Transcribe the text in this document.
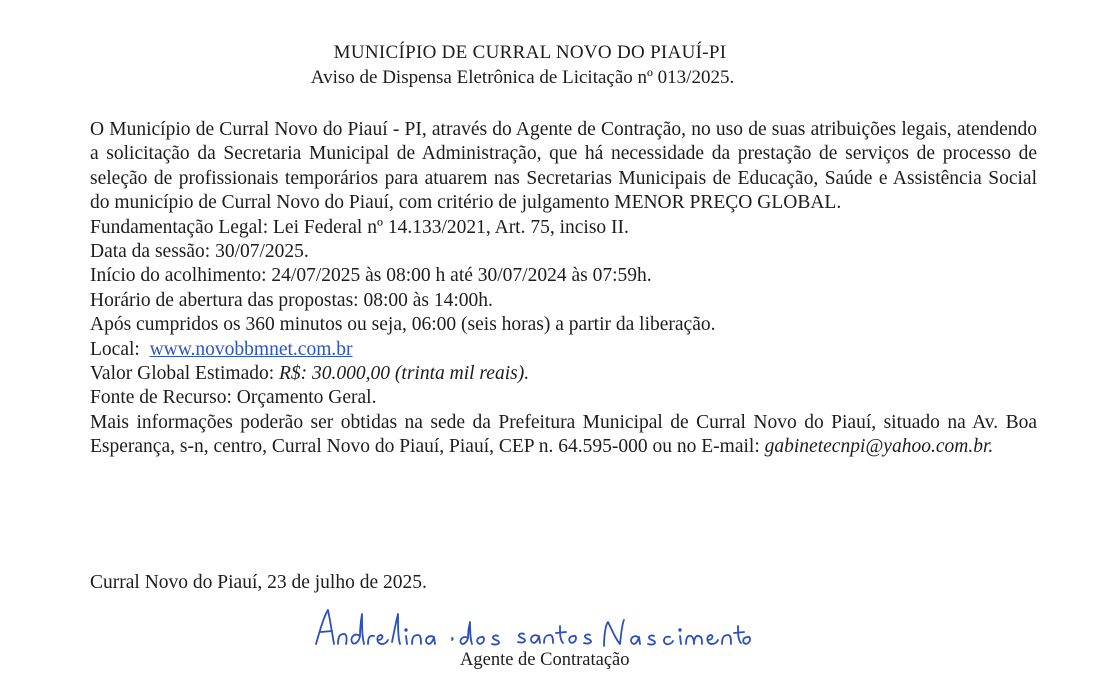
MUNICÍPIO DE CURRAL NOVO DO PIAUÍ-PI
Aviso de Dispensa Eletrônica de Licitação nº 013/2025.

O Município de Curral Novo do Piauí - PI, através do Agente de Contração, no uso de suas atribuições legais, atendendo a solicitação da Secretaria Municipal de Administração, que há necessidade da prestação de serviços de processo de seleção de profissionais temporários para atuarem nas Secretarias Municipais de Educação, Saúde e Assistência Social do município de Curral Novo do Piauí, com critério de julgamento MENOR PREÇO GLOBAL.

Fundamentação Legal: Lei Federal nº 14.133/2021, Art. 75, inciso II.

Data da sessão: 30/07/2025.

Início do acolhimento: 24/07/2025 às 08:00 h até 30/07/2024 às 07:59h.

Horário de abertura das propostas: 08:00 às 14:00h.

Após cumpridos os 360 minutos ou seja, 06:00 (seis horas) a partir da liberação.

Local: www.novobbmnet.com.br

Valor Global Estimado: R$: 30.000,00 (trinta mil reais).

Fonte de Recurso: Orçamento Geral.

Mais informações poderão ser obtidas na sede da Prefeitura Municipal de Curral Novo do Piauí, situado na Av. Boa Esperança, s-n, centro, Curral Novo do Piauí, Piauí, CEP n. 64.595-000 ou no E-mail: gabinetecnpi@yahoo.com.br.

Curral Novo do Piauí, 23 de julho de 2025.
Agente de Contratação
